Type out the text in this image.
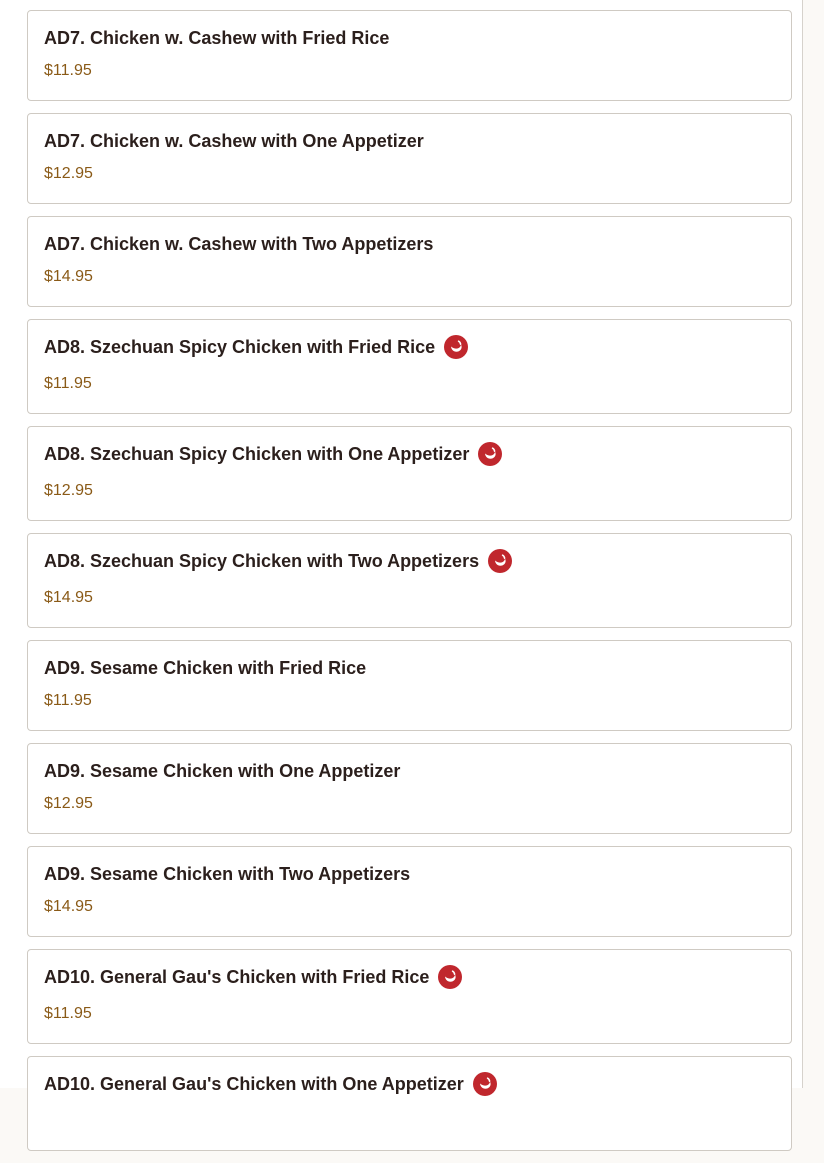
AD7. Chicken w. Cashew with Fried Rice
$11.95
AD7. Chicken w. Cashew with One Appetizer
$12.95
AD7. Chicken w. Cashew with Two Appetizers
$14.95
AD8. Szechuan Spicy Chicken with Fried Rice
$11.95
AD8. Szechuan Spicy Chicken with One Appetizer
$12.95
AD8. Szechuan Spicy Chicken with Two Appetizers
$14.95
AD9. Sesame Chicken with Fried Rice
$11.95
AD9. Sesame Chicken with One Appetizer
$12.95
AD9. Sesame Chicken with Two Appetizers
$14.95
AD10. General Gau's Chicken with Fried Rice
$11.95
AD10. General Gau's Chicken with One Appetizer
